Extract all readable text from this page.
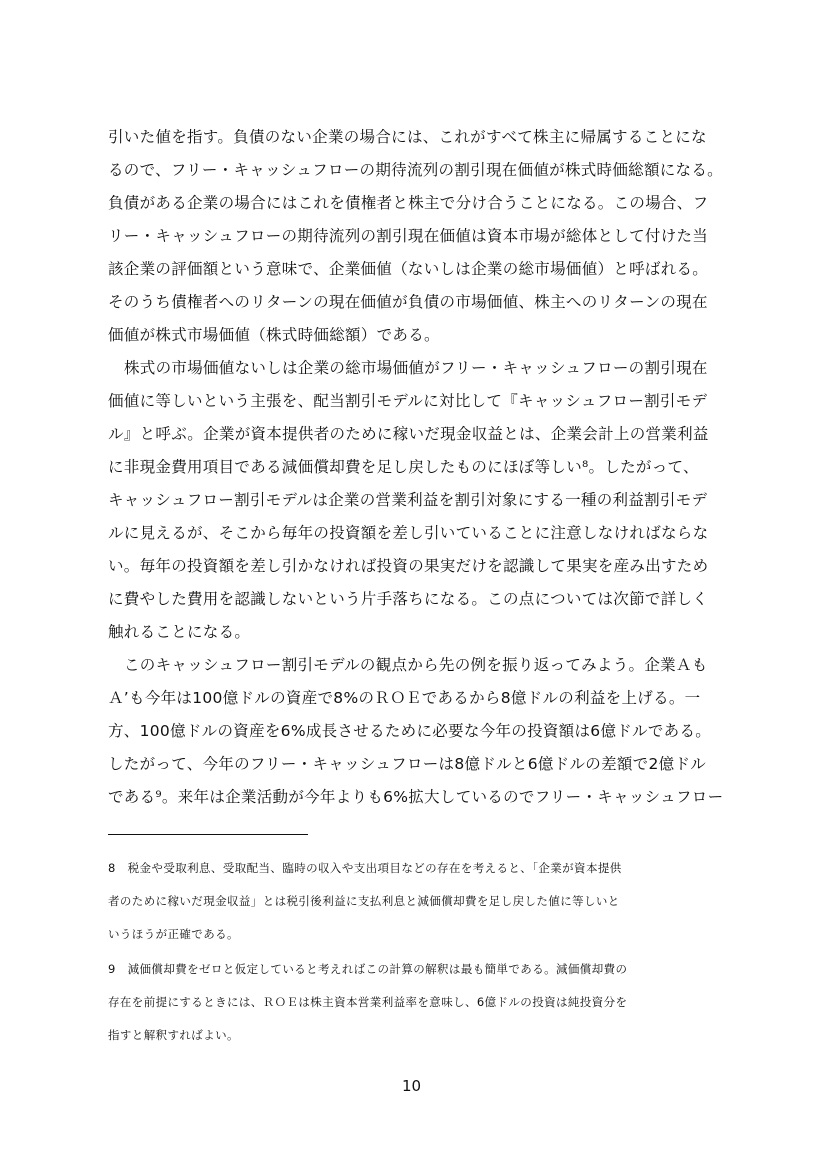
引いた値を指す。負債のない企業の場合には、これがすべて株主に帰属することにな
るので、フリー・キャッシュフローの期待流列の割引現在価値が株式時価総額になる。
負債がある企業の場合にはこれを債権者と株主で分け合うことになる。この場合、フ
リー・キャッシュフローの期待流列の割引現在価値は資本市場が総体として付けた当
該企業の評価額という意味で、企業価値（ないしは企業の総市場価値）と呼ばれる。
そのうち債権者へのリターンの現在価値が負債の市場価値、株主へのリターンの現在
価値が株式市場価値（株式時価総額）である。
株式の市場価値ないしは企業の総市場価値がフリー・キャッシュフローの割引現在
価値に等しいという主張を、配当割引モデルに対比して『キャッシュフロー割引モデ
ル』と呼ぶ。企業が資本提供者のために稼いだ現金収益とは、企業会計上の営業利益
に非現金費用項目である減価償却費を足し戻したものにほぼ等しい⁸。したがって、
キャッシュフロー割引モデルは企業の営業利益を割引対象にする一種の利益割引モデ
ルに見えるが、そこから毎年の投資額を差し引いていることに注意しなければならな
い。毎年の投資額を差し引かなければ投資の果実だけを認識して果実を産み出すため
に費やした費用を認識しないという片手落ちになる。この点については次節で詳しく
触れることになる。
このキャッシュフロー割引モデルの観点から先の例を振り返ってみよう。企業Ａも
Ａ’も今年は100億ドルの資産で8%のＲＯＥであるから8億ドルの利益を上げる。一
方、100億ドルの資産を6%成長させるために必要な今年の投資額は6億ドルである。
したがって、今年のフリー・キャッシュフローは8億ドルと6億ドルの差額で2億ドル
である⁹。来年は企業活動が今年よりも6%拡大しているのでフリー・キャッシュフロー
8　税金や受取利息、受取配当、臨時の収入や支出項目などの存在を考えると、「企業が資本提供
者のために稼いだ現金収益」とは税引後利益に支払利息と減価償却費を足し戻した値に等しいと
いうほうが正確である。
9　減価償却費をゼロと仮定していると考えればこの計算の解釈は最も簡単である。減価償却費の
存在を前提にするときには、ＲＯＥは株主資本営業利益率を意味し、6億ドルの投資は純投資分を
指すと解釈すればよい。
10
